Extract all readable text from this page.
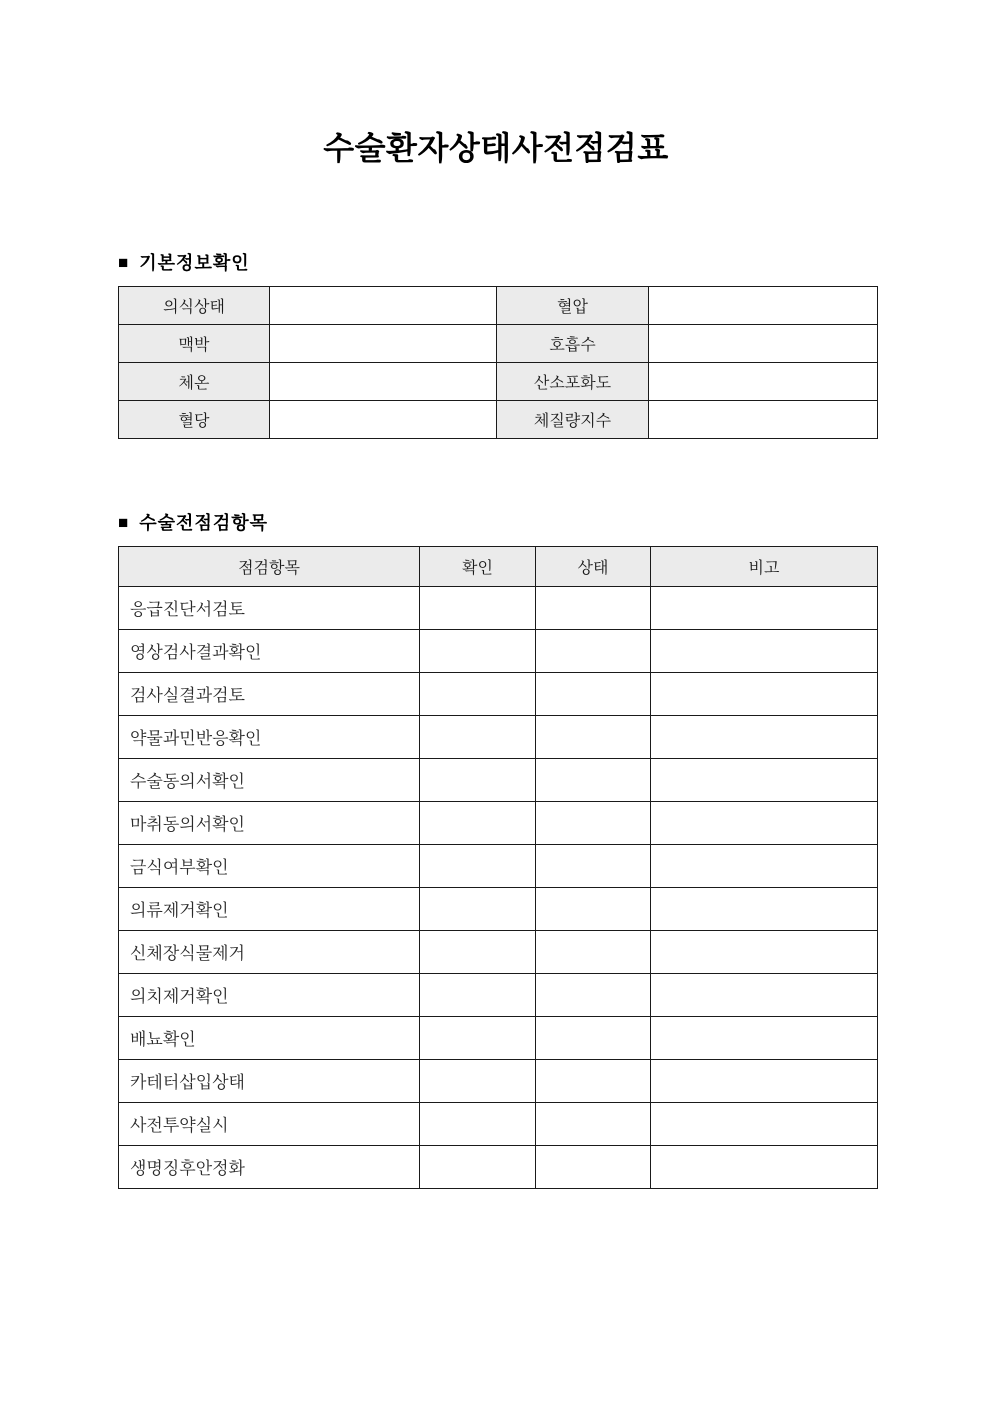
수술환자상태사전점검표
■ 기본정보확인
의식상태		혈압	
맥박		호흡수	
체온		산소포화도	
혈당		체질량지수	
■ 수술전점검항목
점검항목	확인	상태	비고
응급진단서검토			
영상검사결과확인			
검사실결과검토			
약물과민반응확인			
수술동의서확인			
마취동의서확인			
금식여부확인			
의류제거확인			
신체장식물제거			
의치제거확인			
배뇨확인			
카테터삽입상태			
사전투약실시			
생명징후안정화			
